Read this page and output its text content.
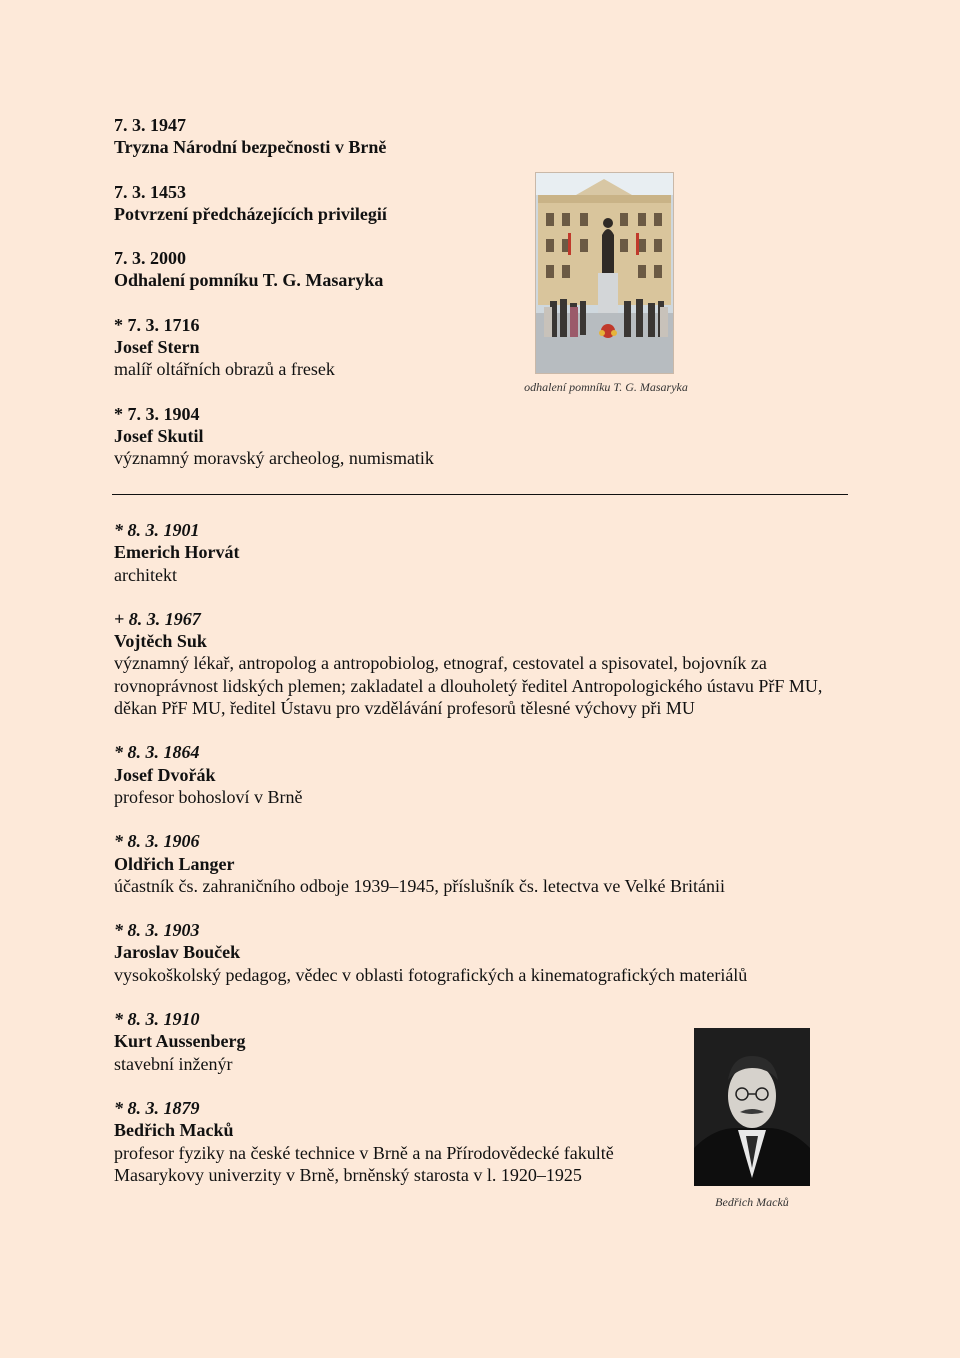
7. 3. 1947
Tryzna Národní bezpečnosti v Brně
7. 3. 1453
Potvrzení předcházejících privilegií
7. 3. 2000
Odhalení pomníku T. G. Masaryka
* 7. 3. 1716
Josef Stern
malíř oltářních obrazů a fresek
* 7. 3. 1904
Josef Skutil
významný moravský archeolog, numismatik
odhalení pomníku T. G. Masaryka
* 8. 3. 1901
Emerich Horvát
architekt
+ 8. 3. 1967
Vojtěch Suk
významný lékař, antropolog a antropobiolog, etnograf, cestovatel a spisovatel, bojovník za rovnoprávnost lidských plemen; zakladatel a dlouholetý ředitel Antropologického ústavu PřF MU, děkan PřF MU, ředitel Ústavu pro vzdělávání profesorů tělesné výchovy při MU
* 8. 3. 1864
Josef Dvořák
profesor bohosloví v Brně
* 8. 3. 1906
Oldřich Langer
účastník čs. zahraničního odboje 1939–1945, příslušník čs. letectva ve Velké Británii
* 8. 3. 1903
Jaroslav Bouček
vysokoškolský pedagog, vědec v oblasti fotografických a kinematografických materiálů
* 8. 3. 1910
Kurt Aussenberg
stavební inženýr
* 8. 3. 1879
Bedřich Macků
profesor fyziky na české technice v Brně a na Přírodovědecké fakultě Masarykovy univerzity v Brně, brněnský starosta v l. 1920–1925
Bedřich Macků
